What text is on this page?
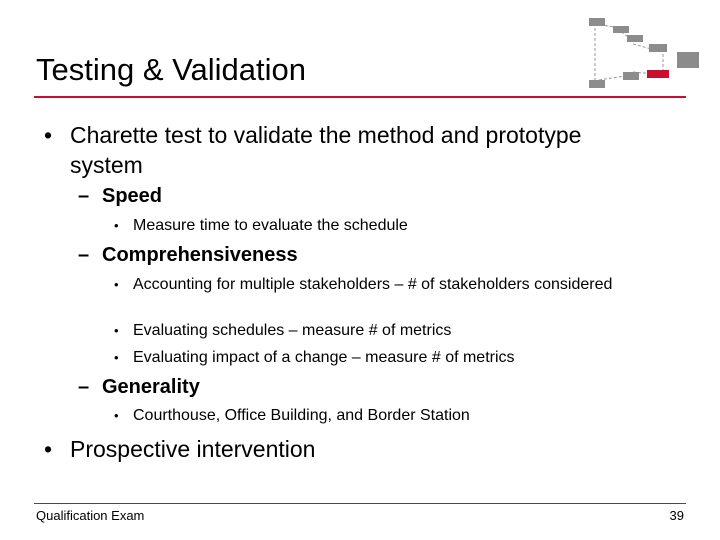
Testing & Validation
• Charette test to validate the method and prototype system
– Speed
• Measure time to evaluate the schedule
– Comprehensiveness
• Accounting for multiple stakeholders – # of stakeholders considered
• Evaluating schedules – measure # of metrics
• Evaluating impact of a change – measure # of metrics
– Generality
• Courthouse, Office Building, and Border Station
• Prospective intervention
Qualification Exam	39
